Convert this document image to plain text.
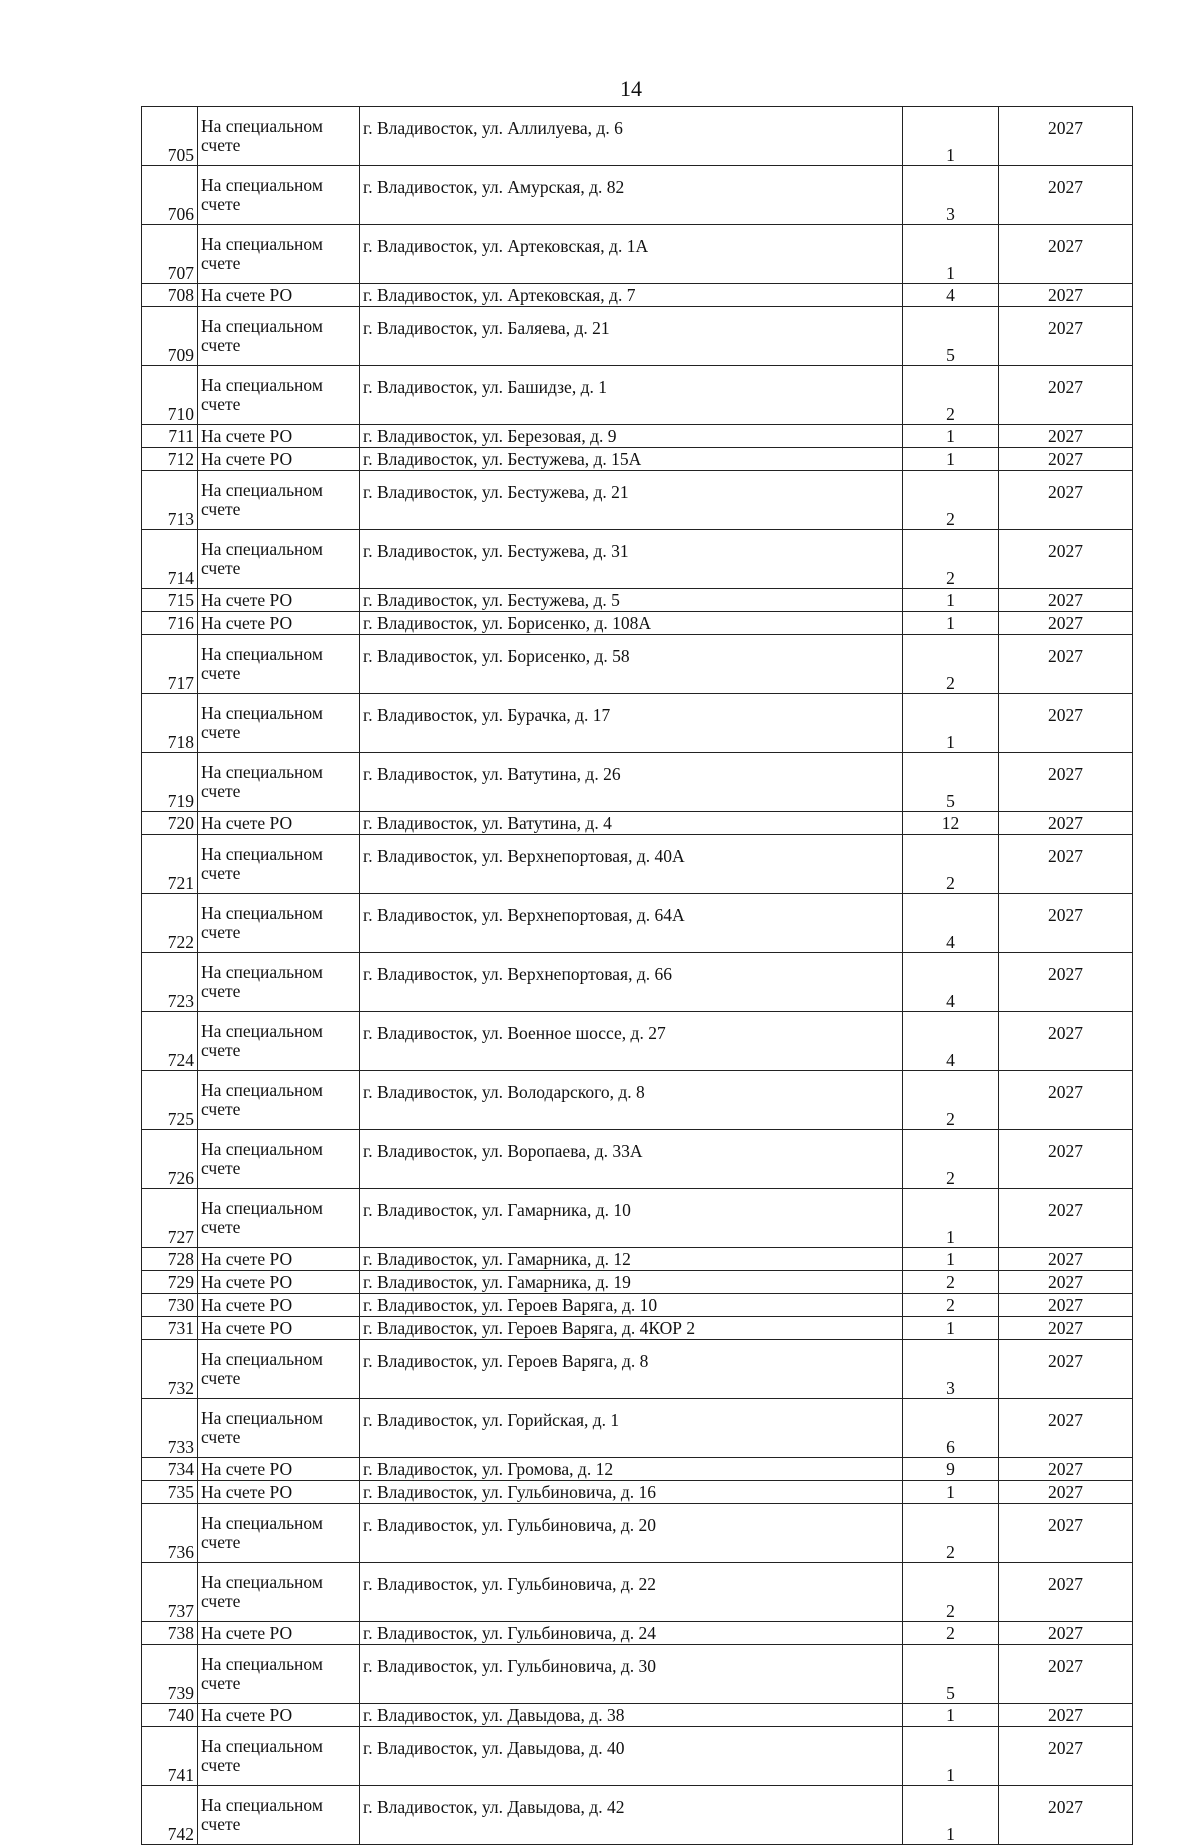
14
705	На специальном
счете	г. Владивосток, ул. Аллилуева, д. 6	1	2027
706	На специальном
счете	г. Владивосток, ул. Амурская, д. 82	3	2027
707	На специальном
счете	г. Владивосток, ул. Артековская, д. 1А	1	2027
708	На счете РО	г. Владивосток, ул. Артековская, д. 7	4	2027
709	На специальном
счете	г. Владивосток, ул. Баляева, д. 21	5	2027
710	На специальном
счете	г. Владивосток, ул. Башидзе, д. 1	2	2027
711	На счете РО	г. Владивосток, ул. Березовая, д. 9	1	2027
712	На счете РО	г. Владивосток, ул. Бестужева, д. 15А	1	2027
713	На специальном
счете	г. Владивосток, ул. Бестужева, д. 21	2	2027
714	На специальном
счете	г. Владивосток, ул. Бестужева, д. 31	2	2027
715	На счете РО	г. Владивосток, ул. Бестужева, д. 5	1	2027
716	На счете РО	г. Владивосток, ул. Борисенко, д. 108А	1	2027
717	На специальном
счете	г. Владивосток, ул. Борисенко, д. 58	2	2027
718	На специальном
счете	г. Владивосток, ул. Бурачка, д. 17	1	2027
719	На специальном
счете	г. Владивосток, ул. Ватутина, д. 26	5	2027
720	На счете РО	г. Владивосток, ул. Ватутина, д. 4	12	2027
721	На специальном
счете	г. Владивосток, ул. Верхнепортовая, д. 40А	2	2027
722	На специальном
счете	г. Владивосток, ул. Верхнепортовая, д. 64А	4	2027
723	На специальном
счете	г. Владивосток, ул. Верхнепортовая, д. 66	4	2027
724	На специальном
счете	г. Владивосток, ул. Военное шоссе, д. 27	4	2027
725	На специальном
счете	г. Владивосток, ул. Володарского, д. 8	2	2027
726	На специальном
счете	г. Владивосток, ул. Воропаева, д. 33А	2	2027
727	На специальном
счете	г. Владивосток, ул. Гамарника, д. 10	1	2027
728	На счете РО	г. Владивосток, ул. Гамарника, д. 12	1	2027
729	На счете РО	г. Владивосток, ул. Гамарника, д. 19	2	2027
730	На счете РО	г. Владивосток, ул. Героев Варяга, д. 10	2	2027
731	На счете РО	г. Владивосток, ул. Героев Варяга, д. 4КОР 2	1	2027
732	На специальном
счете	г. Владивосток, ул. Героев Варяга, д. 8	3	2027
733	На специальном
счете	г. Владивосток, ул. Горийская, д. 1	6	2027
734	На счете РО	г. Владивосток, ул. Громова, д. 12	9	2027
735	На счете РО	г. Владивосток, ул. Гульбиновича, д. 16	1	2027
736	На специальном
счете	г. Владивосток, ул. Гульбиновича, д. 20	2	2027
737	На специальном
счете	г. Владивосток, ул. Гульбиновича, д. 22	2	2027
738	На счете РО	г. Владивосток, ул. Гульбиновича, д. 24	2	2027
739	На специальном
счете	г. Владивосток, ул. Гульбиновича, д. 30	5	2027
740	На счете РО	г. Владивосток, ул. Давыдова, д. 38	1	2027
741	На специальном
счете	г. Владивосток, ул. Давыдова, д. 40	1	2027
742	На специальном
счете	г. Владивосток, ул. Давыдова, д. 42	1	2027
